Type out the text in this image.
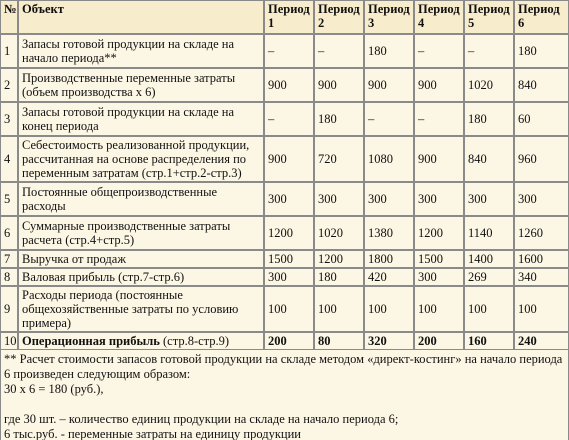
№	Объект	Период 1	Период 2	Период 3	Период 4	Период 5	Период 6
1	Запасы готовой продукции на складе на начало периода**	–	–	180	–	–	180
2	Производственные переменные затраты (объем производства х 6)	900	900	900	900	1020	840
3	Запасы готовой продукции на складе на конец периода	–	180	–	–	180	60
4	Себестоимость реализованной продукции, рассчитанная на основе распределения по переменным затратам (стр.1+стр.2-стр.3)	900	720	1080	900	840	960
5	Постоянные общепроизводственные расходы	300	300	300	300	300	300
6	Суммарные производственные затраты расчета (стр.4+стр.5)	1200	1020	1380	1200	1140	1260
7	Выручка от продаж	1500	1200	1800	1500	1400	1600
8	Валовая прибыль (стр.7-стр.6)	300	180	420	300	269	340
9	Расходы периода (постоянные общехозяйственные затраты по условию примера)	100	100	100	100	100	100
10	Операционная прибыль (стр.8-стр.9)	200	80	320	200	160	240

** Расчет стоимости запасов готовой продукции на складе методом «директ-костинг» на начало периода 6 произведен следующим образом:

30 х 6 = 180 (руб.),

где 30 шт. – количество единиц продукции на складе на начало периода 6;

6 тыс.руб. - переменные затраты на единицу продукции
